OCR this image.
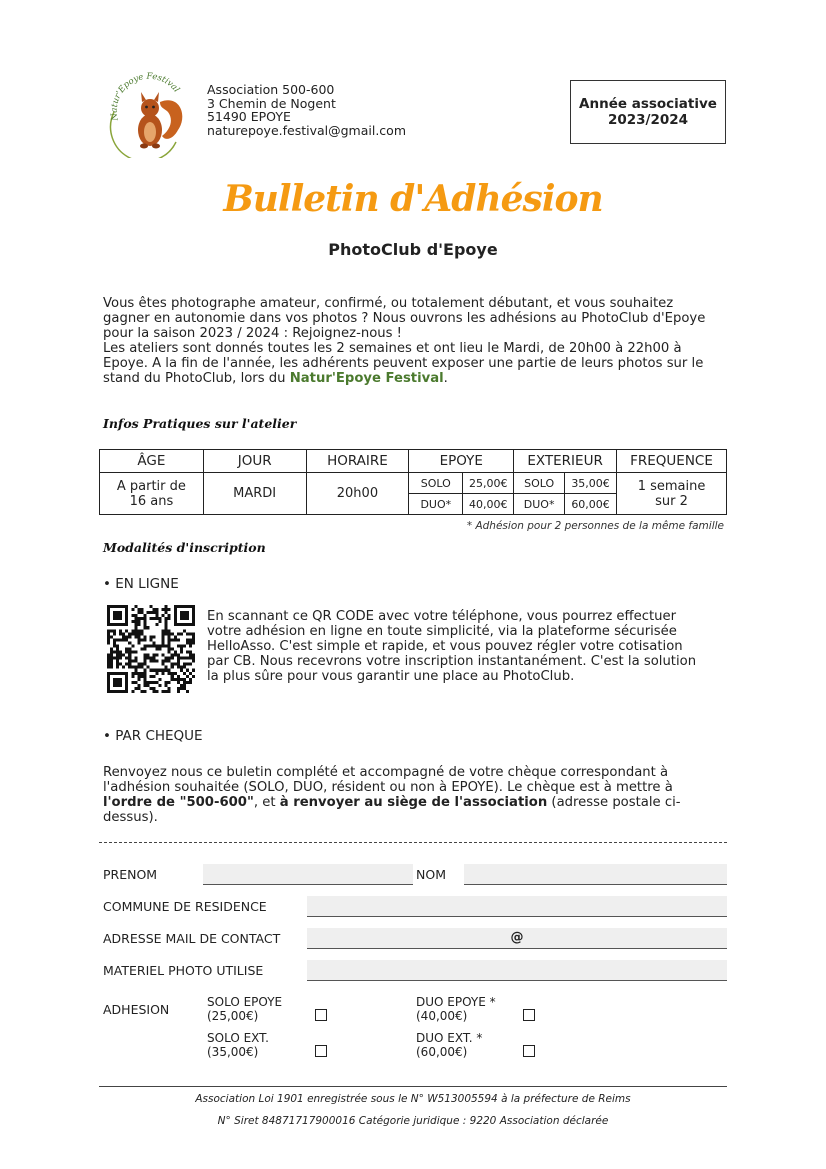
Natur'Epoye Festival Association 500-600
3 Chemin de Nogent
51490 EPOYE
naturepoye.festival@gmail.com
Année associative
2023/2024
Bulletin d'Adhésion
PhotoClub d'Epoye
Vous êtes photographe amateur, confirmé, ou totalement débutant, et vous souhaitez gagner en autonomie dans vos photos ? Nous ouvrons les adhésions au PhotoClub d'Epoye pour la saison 2023 / 2024 : Rejoignez-nous !
Les ateliers sont donnés toutes les 2 semaines et ont lieu le Mardi, de 20h00 à 22h00 à Epoye. A la fin de l'année, les adhérents peuvent exposer une partie de leurs photos sur le stand du PhotoClub, lors du Natur'Epoye Festival.
Infos Pratiques sur l'atelier
ÂGE	JOUR	HORAIRE	EPOYE		EXTERIEUR		FREQUENCE
A partir de 16 ans	MARDI	20h00	SOLO	25,00€	SOLO	35,00€	1 semaine sur 2
			DUO*	40,00€	DUO*	60,00€	
* Adhésion pour 2 personnes de la même famille
Modalités d'inscription
• EN LIGNE
En scannant ce QR CODE avec votre téléphone, vous pourrez effectuer votre adhésion en ligne en toute simplicité, via la plateforme sécurisée HelloAsso. C'est simple et rapide, et vous pouvez régler votre cotisation par CB. Nous recevrons votre inscription instantanément. C'est la solution la plus sûre pour vous garantir une place au PhotoClub.
• PAR CHEQUE
Renvoyez nous ce buletin complété et accompagné de votre chèque correspondant à l'adhésion souhaitée (SOLO, DUO, résident ou non à EPOYE). Le chèque est à mettre à l'ordre de "500-600", et à renvoyer au siège de l'association (adresse postale ci-dessus).
PRENOM	NOM
COMMUNE DE RESIDENCE
ADRESSE MAIL DE CONTACT	@
MATERIEL PHOTO UTILISE
ADHESION	SOLO EPOYE
(25,00€)
DUO EPOYE *
(40,00€)
SOLO EXT.
(35,00€)
DUO EXT. *
(60,00€)
Association Loi 1901 enregistrée sous le N° W513005594 à la préfecture de Reims
N° Siret 84871717900016 Catégorie juridique : 9220 Association déclarée
